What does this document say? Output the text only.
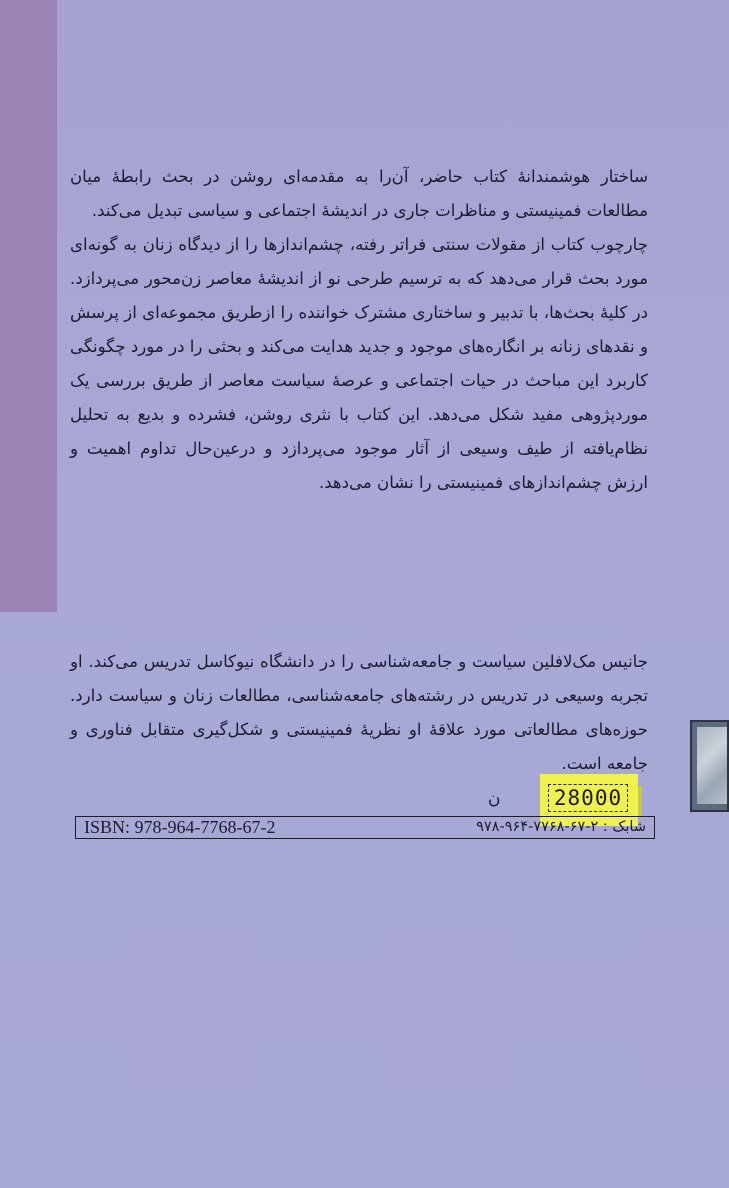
ساختار هوشمندانهٔ کتاب حاضر، آن‌را به مقدمه‌ای روشن در بحث رابطهٔ میان مطالعات فمینیستی و مناظرات جاری در اندیشهٔ اجتماعی و سیاسی تبدیل می‌کند.

چارچوب کتاب از مقولات سنتی فراتر رفته، چشم‌اندازها را از دیدگاه زنان به گونه‌ای مورد بحث قرار می‌دهد که به ترسیم طرحی نو از اندیشهٔ معاصر زن‌محور می‌پردازد. در کلیهٔ بحث‌ها، با تدبیر و ساختاری مشترک خواننده را ازطریق مجموعه‌ای از پرسش و نقدهای زنانه بر انگاره‌های موجود و جدید هدایت می‌کند و بحثی را در مورد چگونگی کاربرد این مباحث در حیات اجتماعی و عرصهٔ سیاست معاصر از طریق بررسی یک موردپژوهی مفید شکل می‌دهد. این کتاب با نثری روشن، فشرده و بدیع به تحلیل نظام‌یافته از طیف وسیعی از آثار موجود می‌پردازد و درعین‌حال تداوم اهمیت و ارزش چشم‌اندازهای فمینیستی را نشان می‌دهد.

جانیس مک‌لافلین سیاست و جامعه‌شناسی را در دانشگاه نیوکاسل تدریس می‌کند. او تجربه وسیعی در تدریس در رشته‌های جامعه‌شناسی، مطالعات زنان و سیاست دارد. حوزه‌های مطالعاتی مورد علاقهٔ او نظریهٔ فمینیستی و شکل‌گیری متقابل فناوری و جامعه است.

ن	28000
ISBN: 978-964-7768-67-2	شابک : ۲-۶۷-۷۷۶۸-۹۶۴-۹۷۸
